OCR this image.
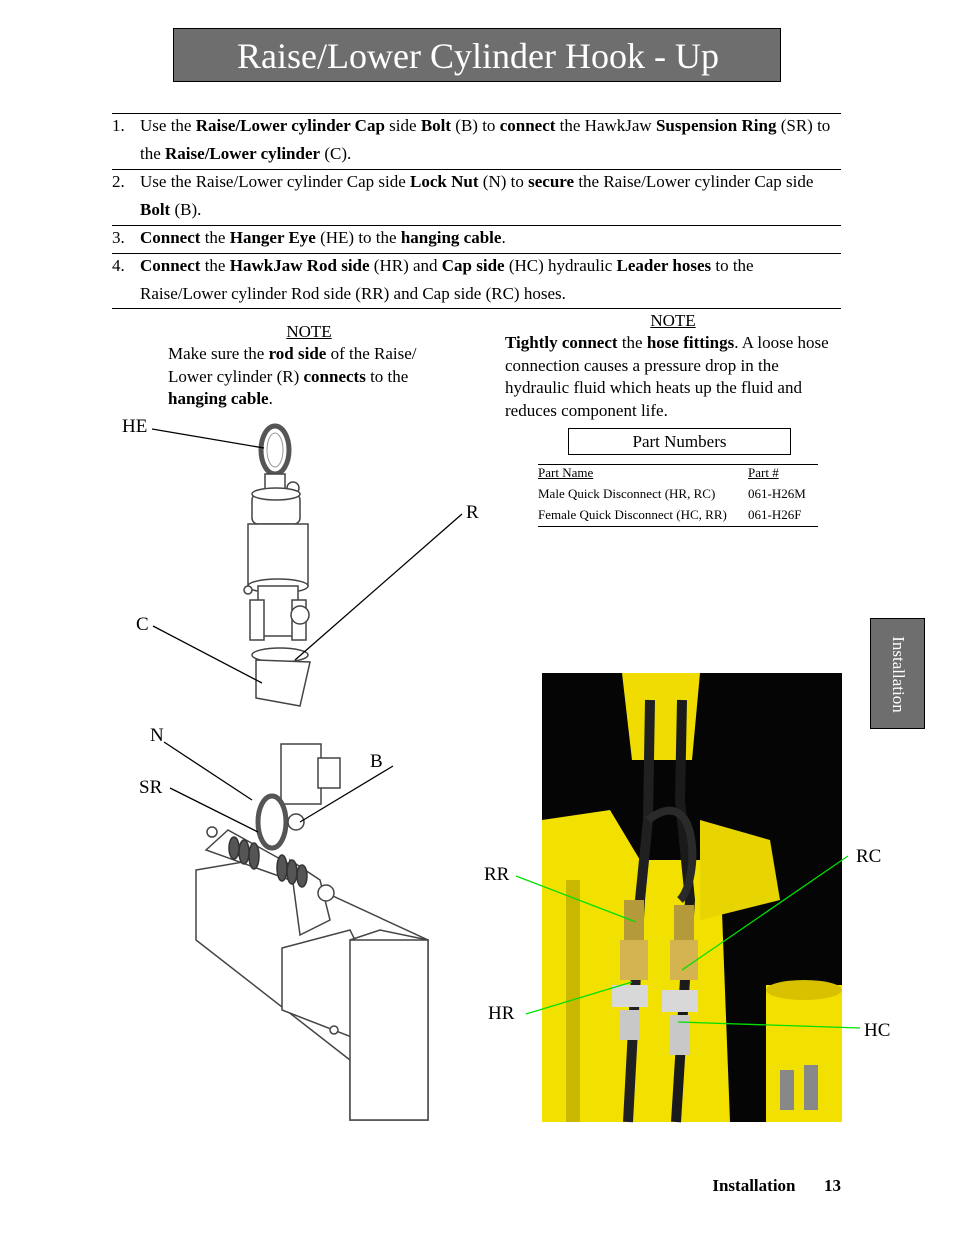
Raise/Lower Cylinder Hook - Up
1. Use the Raise/Lower cylinder Cap side Bolt (B) to connect the HawkJaw Suspension Ring (SR) to the Raise/Lower cylinder (C).
2. Use the Raise/Lower cylinder Cap side Lock Nut (N) to secure the Raise/Lower cylinder Cap side Bolt (B).
3. Connect the Hanger Eye (HE) to the hanging cable.
4. Connect the HawkJaw Rod side (HR) and Cap side (HC) hydraulic Leader hoses to the Raise/Lower cylinder Rod side (RR) and Cap side (RC) hoses.
NOTE
Make sure the rod side of the Raise/ Lower cylinder (R) connects to the hanging cable.
NOTE
Tightly connect the hose fittings. A loose hose connection causes a pressure drop in the hydraulic fluid which heats up the fluid and reduces component life.
Part Numbers
Part Name	Part #
Male Quick Disconnect (HR, RC)	061-H26M
Female Quick Disconnect (HC, RR) 061-H26F
Installation
Installation 13
HE
R
C
N
SR
B
RR
RC
HR
HC
